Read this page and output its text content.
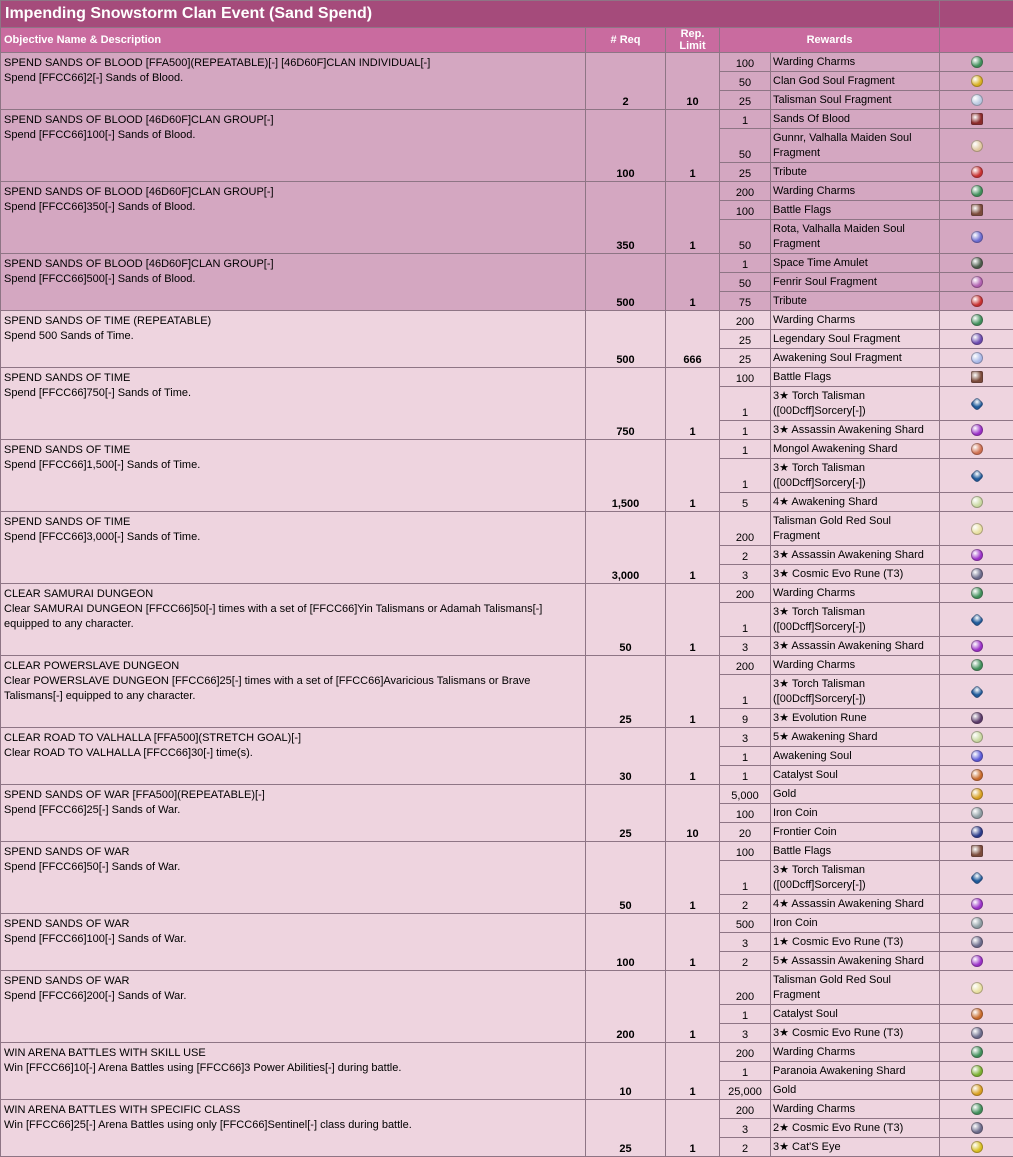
Impending Snowstorm Clan Event (Sand Spend)					
Objective Name & Description	# Req	Rep. Limit	Rewards		

SPEND SANDS OF BLOOD [FFA500](REPEATABLE)[-] [46D60F]CLAN INDIVIDUAL[-]
Spend [FFCC66]2[-] Sands of Blood.	2	10	100	Warding Charms	
			50	Clan God Soul Fragment	
			25	Talisman Soul Fragment	

SPEND SANDS OF BLOOD [46D60F]CLAN GROUP[-]
Spend [FFCC66]100[-] Sands of Blood.	100	1	1	Sands Of Blood	
			50	Gunnr, Valhalla Maiden Soul Fragment	
			25	Tribute	

SPEND SANDS OF BLOOD [46D60F]CLAN GROUP[-]
Spend [FFCC66]350[-] Sands of Blood.	350	1	200	Warding Charms	
			100	Battle Flags	
			50	Rota, Valhalla Maiden Soul Fragment	

SPEND SANDS OF BLOOD [46D60F]CLAN GROUP[-]
Spend [FFCC66]500[-] Sands of Blood.	500	1	1	Space Time Amulet	
			50	Fenrir Soul Fragment	
			75	Tribute	

SPEND SANDS OF TIME (REPEATABLE)
Spend 500 Sands of Time.	500	666	200	Warding Charms	
			25	Legendary Soul Fragment	
			25	Awakening Soul Fragment	

SPEND SANDS OF TIME
Spend [FFCC66]750[-] Sands of Time.	750	1	100	Battle Flags	
			1	3★ Torch Talisman ([00Dcff]Sorcery[-])	
			1	3★ Assassin Awakening Shard	

SPEND SANDS OF TIME
Spend [FFCC66]1,500[-] Sands of Time.	1,500	1	1	Mongol Awakening Shard	
			1	3★ Torch Talisman ([00Dcff]Sorcery[-])	
			5	4★ Awakening Shard	

SPEND SANDS OF TIME
Spend [FFCC66]3,000[-] Sands of Time.	3,000	1	200	Talisman Gold Red Soul Fragment	
			2	3★ Assassin Awakening Shard	
			3	3★ Cosmic Evo Rune (T3)	

CLEAR SAMURAI DUNGEON
Clear SAMURAI DUNGEON [FFCC66]50[-] times with a set of [FFCC66]Yin Talismans or Adamah Talismans[-] equipped to any character.	50	1	200	Warding Charms	
			1	3★ Torch Talisman ([00Dcff]Sorcery[-])	
			3	3★ Assassin Awakening Shard	

CLEAR POWERSLAVE DUNGEON
Clear POWERSLAVE DUNGEON [FFCC66]25[-] times with a set of [FFCC66]Avaricious Talismans or Brave Talismans[-] equipped to any character.	25	1	200	Warding Charms	
			1	3★ Torch Talisman ([00Dcff]Sorcery[-])	
			9	3★ Evolution Rune	

CLEAR ROAD TO VALHALLA [FFA500](STRETCH GOAL)[-]
Clear ROAD TO VALHALLA [FFCC66]30[-] time(s).	30	1	3	5★ Awakening Shard	
			1	Awakening Soul	
			1	Catalyst Soul	

SPEND SANDS OF WAR [FFA500](REPEATABLE)[-]
Spend [FFCC66]25[-] Sands of War.	25	10	5,000	Gold	
			100	Iron Coin	
			20	Frontier Coin	

SPEND SANDS OF WAR
Spend [FFCC66]50[-] Sands of War.	50	1	100	Battle Flags	
			1	3★ Torch Talisman ([00Dcff]Sorcery[-])	
			2	4★ Assassin Awakening Shard	

SPEND SANDS OF WAR
Spend [FFCC66]100[-] Sands of War.	100	1	500	Iron Coin	
			3	1★ Cosmic Evo Rune (T3)	
			2	5★ Assassin Awakening Shard	

SPEND SANDS OF WAR
Spend [FFCC66]200[-] Sands of War.	200	1	200	Talisman Gold Red Soul Fragment	
			1	Catalyst Soul	
			3	3★ Cosmic Evo Rune (T3)	

WIN ARENA BATTLES WITH SKILL USE
Win [FFCC66]10[-] Arena Battles using [FFCC66]3 Power Abilities[-] during battle.	10	1	200	Warding Charms	
			1	Paranoia Awakening Shard	
			25,000	Gold	

WIN ARENA BATTLES WITH SPECIFIC CLASS
Win [FFCC66]25[-] Arena Battles using only [FFCC66]Sentinel[-] class during battle.	25	1	200	Warding Charms	
			3	2★ Cosmic Evo Rune (T3)	
			2	3★ Cat'S Eye	
